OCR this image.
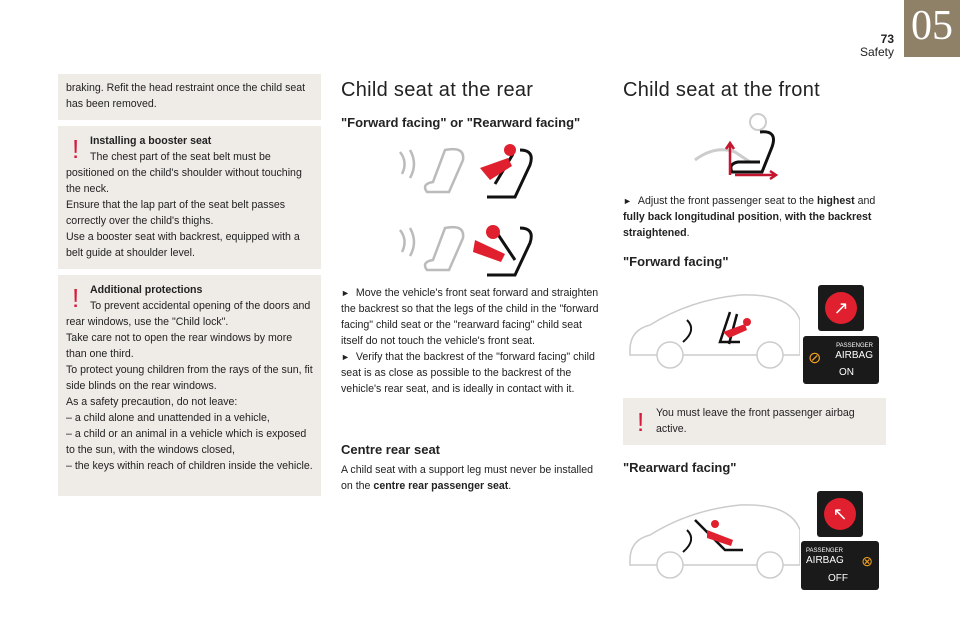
73
Safety
05
braking. Refit the head restraint once the child seat has been removed.
!	Installing a booster seat
The chest part of the seat belt must be positioned on the child's shoulder without touching the neck.
Ensure that the lap part of the seat belt passes correctly over the child's thighs.
Use a booster seat with backrest, equipped with a belt guide at shoulder level.
!	Additional protections
To prevent accidental opening of the doors and rear windows, use the "Child lock".
Take care not to open the rear windows by more than one third.
To protect young children from the rays of the sun, fit side blinds on the rear windows.
As a safety precaution, do not leave:
– a child alone and unattended in a vehicle,
– a child or an animal in a vehicle which is exposed to the sun, with the windows closed,
– the keys within reach of children inside the vehicle.
Child seat at the rear
"Forward facing" or "Rearward facing"
► Move the vehicle's front seat forward and straighten the backrest so that the legs of the child in the "forward facing" child seat or the "rearward facing" child seat itself do not touch the vehicle's front seat.
► Verify that the backrest of the "forward facing" child seat is as close as possible to the backrest of the vehicle's rear seat, and is ideally in contact with it.
Centre rear seat
A child seat with a support leg must never be installed on the centre rear passenger seat.
Child seat at the front
► Adjust the front passenger seat to the highest and fully back longitudinal position, with the backrest straightened.
"Forward facing"
↗
⊘
PASSENGER
AIRBAG
ON
! You must leave the front passenger airbag active.
"Rearward facing"
↖
PASSENGER
AIRBAG
OFF
⊗
